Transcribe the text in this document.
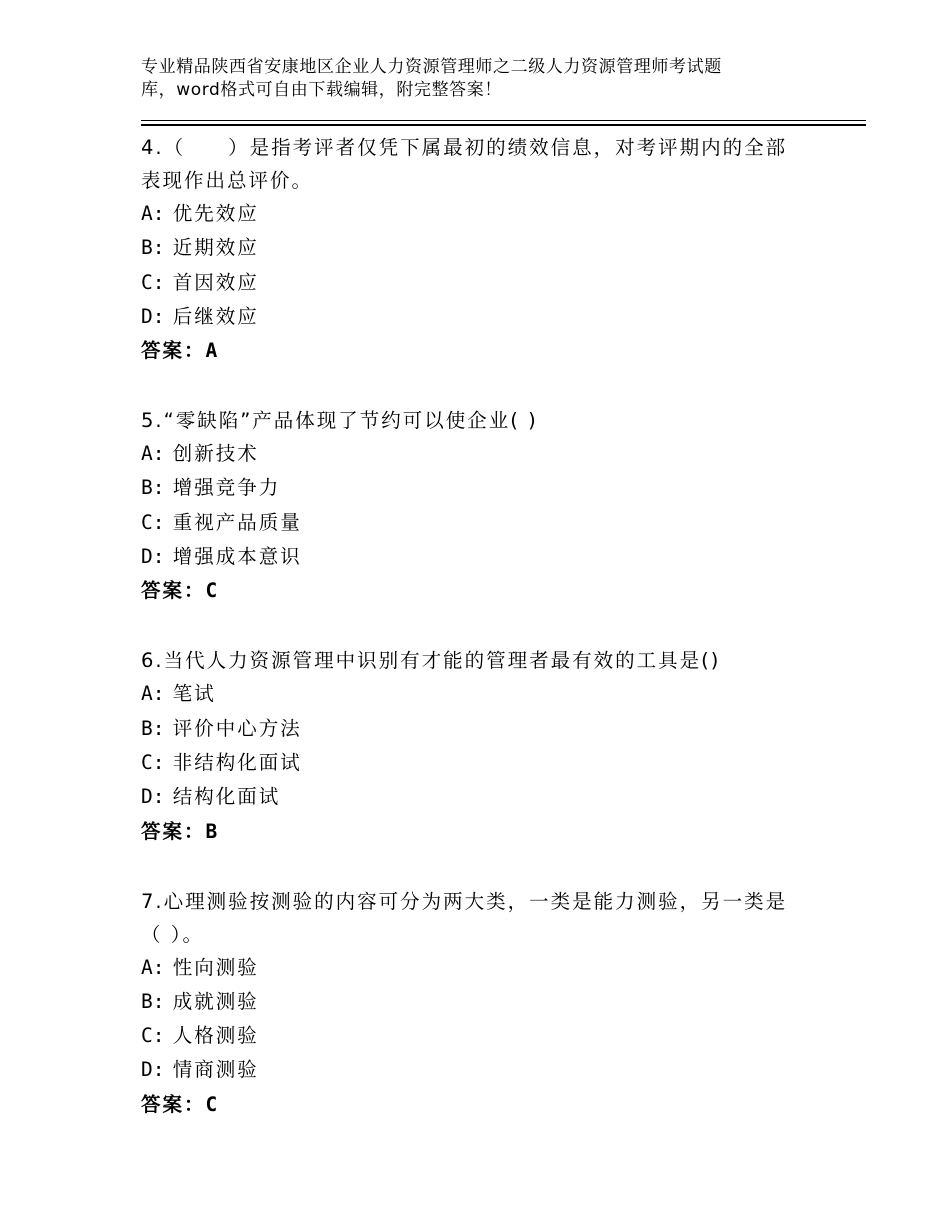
专业精品陕西省安康地区企业人力资源管理师之二级人力资源管理师考试题
库，word格式可自由下载编辑，附完整答案！
4.（　　）是指考评者仅凭下属最初的绩效信息，对考评期内的全部
表现作出总评价。
A: 优先效应
B: 近期效应
C: 首因效应
D: 后继效应
答案：A
5.“零缺陷”产品体现了节约可以使企业( )
A: 创新技术
B: 增强竞争力
C: 重视产品质量
D: 增强成本意识
答案：C
6.当代人力资源管理中识别有才能的管理者最有效的工具是()
A: 笔试
B: 评价中心方法
C: 非结构化面试
D: 结构化面试
答案：B
7.心理测验按测验的内容可分为两大类，一类是能力测验，另一类是
（ ）。
A: 性向测验
B: 成就测验
C: 人格测验
D: 情商测验
答案：C
